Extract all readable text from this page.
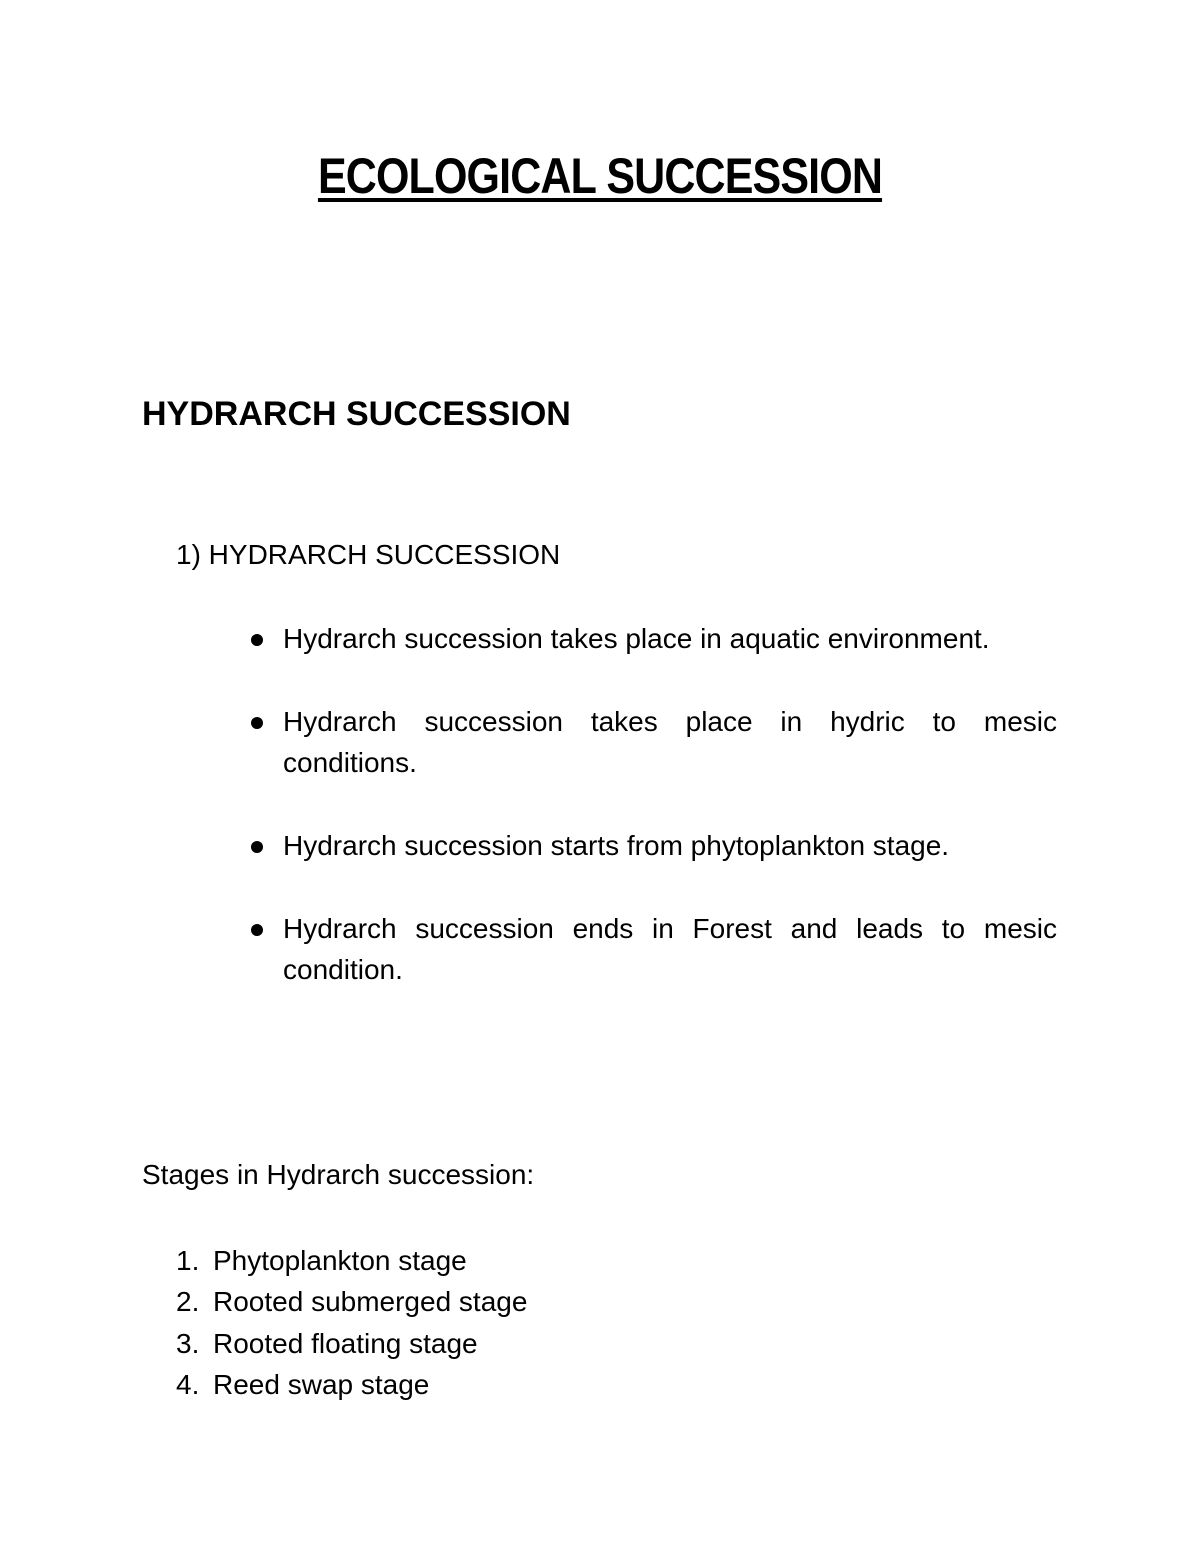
ECOLOGICAL SUCCESSION
HYDRARCH SUCCESSION

1) HYDRARCH SUCCESSION

Hydrarch succession takes place in aquatic environment.
Hydrarch succession takes place in hydric to mesic conditions.
Hydrarch succession starts from phytoplankton stage.
Hydrarch succession ends in Forest and leads to mesic condition.

Stages in Hydrarch succession:

1. Phytoplankton stage
2. Rooted submerged stage
3. Rooted floating stage
4. Reed swap stage
